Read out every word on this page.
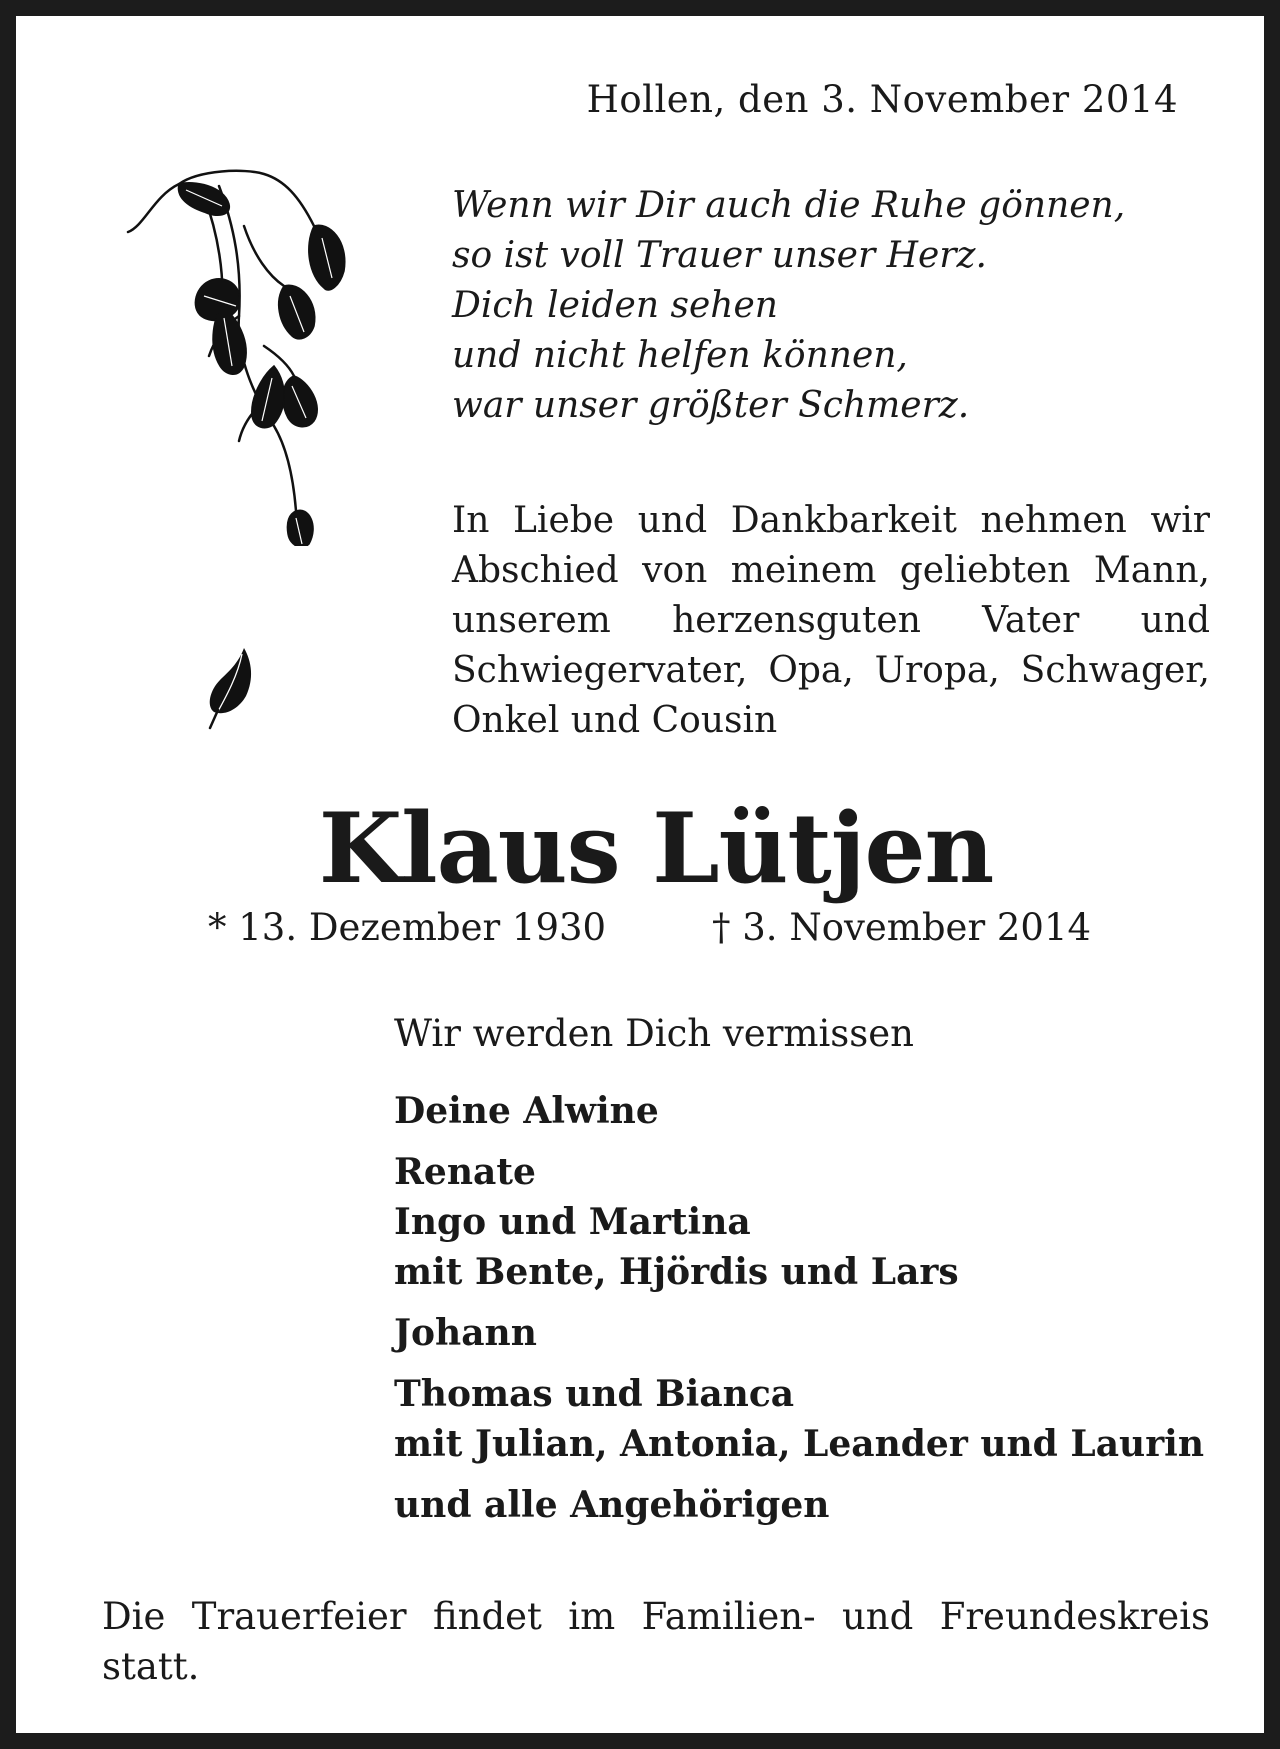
Hollen, den 3. November 2014
Wenn wir Dir auch die Ruhe gönnen,
so ist voll Trauer unser Herz.
Dich leiden sehen
und nicht helfen können,
war unser größter Schmerz.
In Liebe und Dankbarkeit nehmen wir Abschied von meinem geliebten Mann, unserem herzensguten Vater und Schwiegervater, Opa, Uropa, Schwager, Onkel und Cousin
Klaus Lütjen
* 13. Dezember 1930	† 3. November 2014
Wir werden Dich vermissen
Deine Alwine
Renate
Ingo und Martina
mit Bente, Hjördis und Lars
Johann
Thomas und Bianca
mit Julian, Antonia, Leander und Laurin
und alle Angehörigen
Die Trauerfeier findet im Familien- und Freundeskreis statt.
